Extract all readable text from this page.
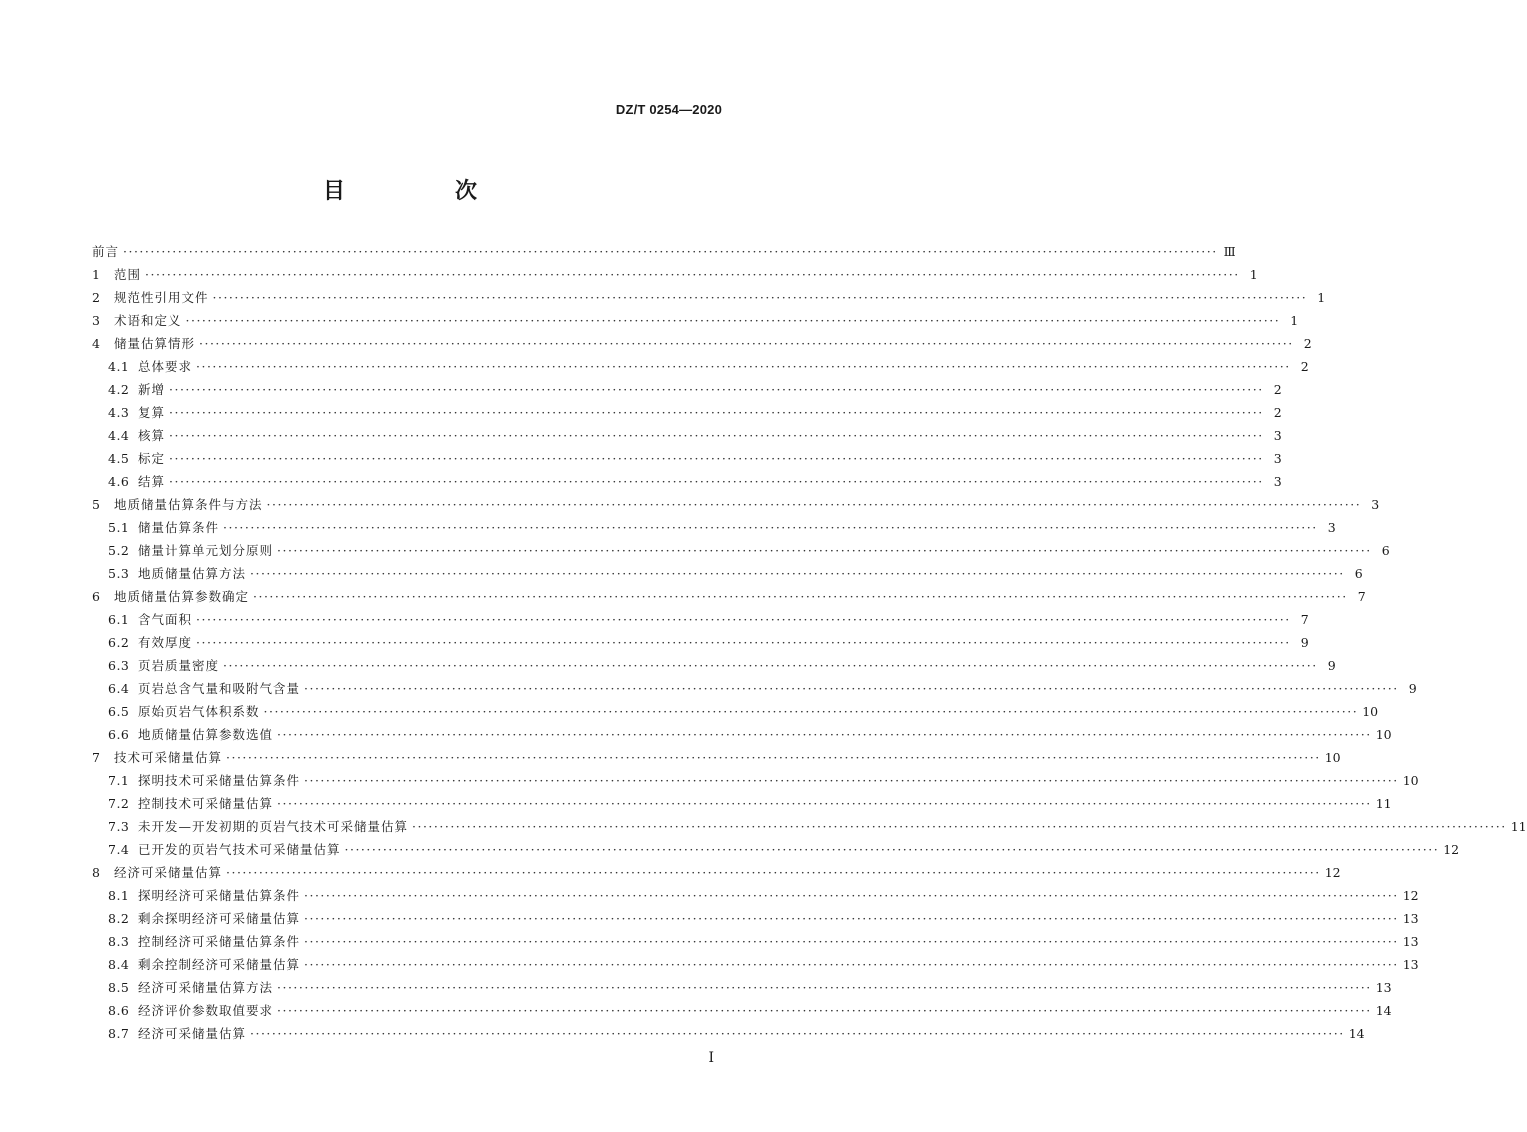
DZ/T 0254—2020
目　次
前言 ········································································································································································································ Ⅲ
1	范围 ········································································································································································································ 1
2	规范性引用文件 ········································································································································································································ 1
3	术语和定义 ········································································································································································································ 1
4	储量估算情形 ········································································································································································································ 2
4.1 总体要求 ········································································································································································································ 2
4.2 新增 ········································································································································································································ 2
4.3 复算 ········································································································································································································ 2
4.4 核算 ········································································································································································································ 3
4.5 标定 ········································································································································································································ 3
4.6 结算 ········································································································································································································ 3
5	地质储量估算条件与方法 ········································································································································································································ 3
5.1 储量估算条件 ········································································································································································································ 3
5.2 储量计算单元划分原则 ········································································································································································································ 6
5.3 地质储量估算方法 ········································································································································································································ 6
6	地质储量估算参数确定 ········································································································································································································ 7
6.1 含气面积 ········································································································································································································ 7
6.2 有效厚度 ········································································································································································································ 9
6.3 页岩质量密度 ········································································································································································································ 9
6.4 页岩总含气量和吸附气含量 ········································································································································································································ 9
6.5 原始页岩气体积系数 ········································································································································································································ 10
6.6 地质储量估算参数选值 ········································································································································································································ 10
7	技术可采储量估算 ········································································································································································································ 10
7.1 探明技术可采储量估算条件 ········································································································································································································ 10
7.2 控制技术可采储量估算 ········································································································································································································ 11
7.3 未开发—开发初期的页岩气技术可采储量估算 ········································································································································································································ 11
7.4 已开发的页岩气技术可采储量估算 ········································································································································································································ 12
8	经济可采储量估算 ········································································································································································································ 12
8.1 探明经济可采储量估算条件 ········································································································································································································ 12
8.2 剩余探明经济可采储量估算 ········································································································································································································ 13
8.3 控制经济可采储量估算条件 ········································································································································································································ 13
8.4 剩余控制经济可采储量估算 ········································································································································································································ 13
8.5 经济可采储量估算方法 ········································································································································································································ 13
8.6 经济评价参数取值要求 ········································································································································································································ 14
8.7 经济可采储量估算 ········································································································································································································ 14
Ⅰ
